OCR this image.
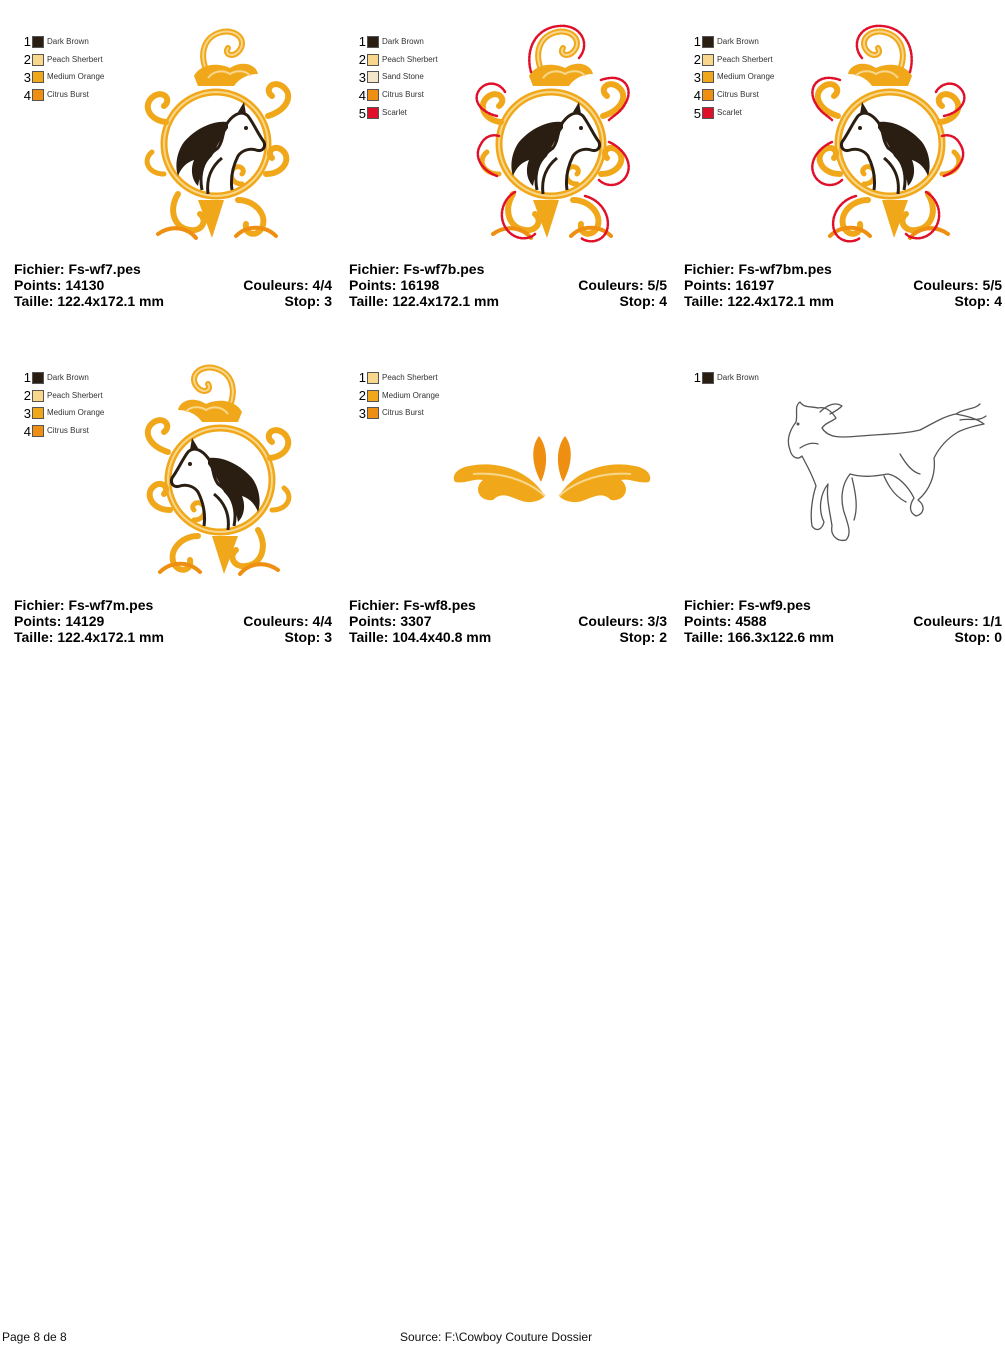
1 Dark Brown
2 Peach Sherbert
3 Medium Orange
4 Citrus Burst
Fichier: Fs-wf7.pes
Points: 14130	Couleurs: 4/4
Taille: 122.4x172.1 mm	Stop: 3
1 Dark Brown
2 Peach Sherbert
3 Sand Stone
4 Citrus Burst
5 Scarlet
Fichier: Fs-wf7b.pes
Points: 16198	Couleurs: 5/5
Taille: 122.4x172.1 mm	Stop: 4
1 Dark Brown
2 Peach Sherbert
3 Medium Orange
4 Citrus Burst
5 Scarlet
Fichier: Fs-wf7bm.pes
Points: 16197	Couleurs: 5/5
Taille: 122.4x172.1 mm	Stop: 4
1 Dark Brown
2 Peach Sherbert
3 Medium Orange
4 Citrus Burst
Fichier: Fs-wf7m.pes
Points: 14129	Couleurs: 4/4
Taille: 122.4x172.1 mm	Stop: 3
1 Peach Sherbert
2 Medium Orange
3 Citrus Burst
Fichier: Fs-wf8.pes
Points: 3307	Couleurs: 3/3
Taille: 104.4x40.8 mm	Stop: 2
1 Dark Brown
Fichier: Fs-wf9.pes
Points: 4588	Couleurs: 1/1
Taille: 166.3x122.6 mm	Stop: 0
Page 8 de 8	Source: F:\Cowboy Couture Dossier
